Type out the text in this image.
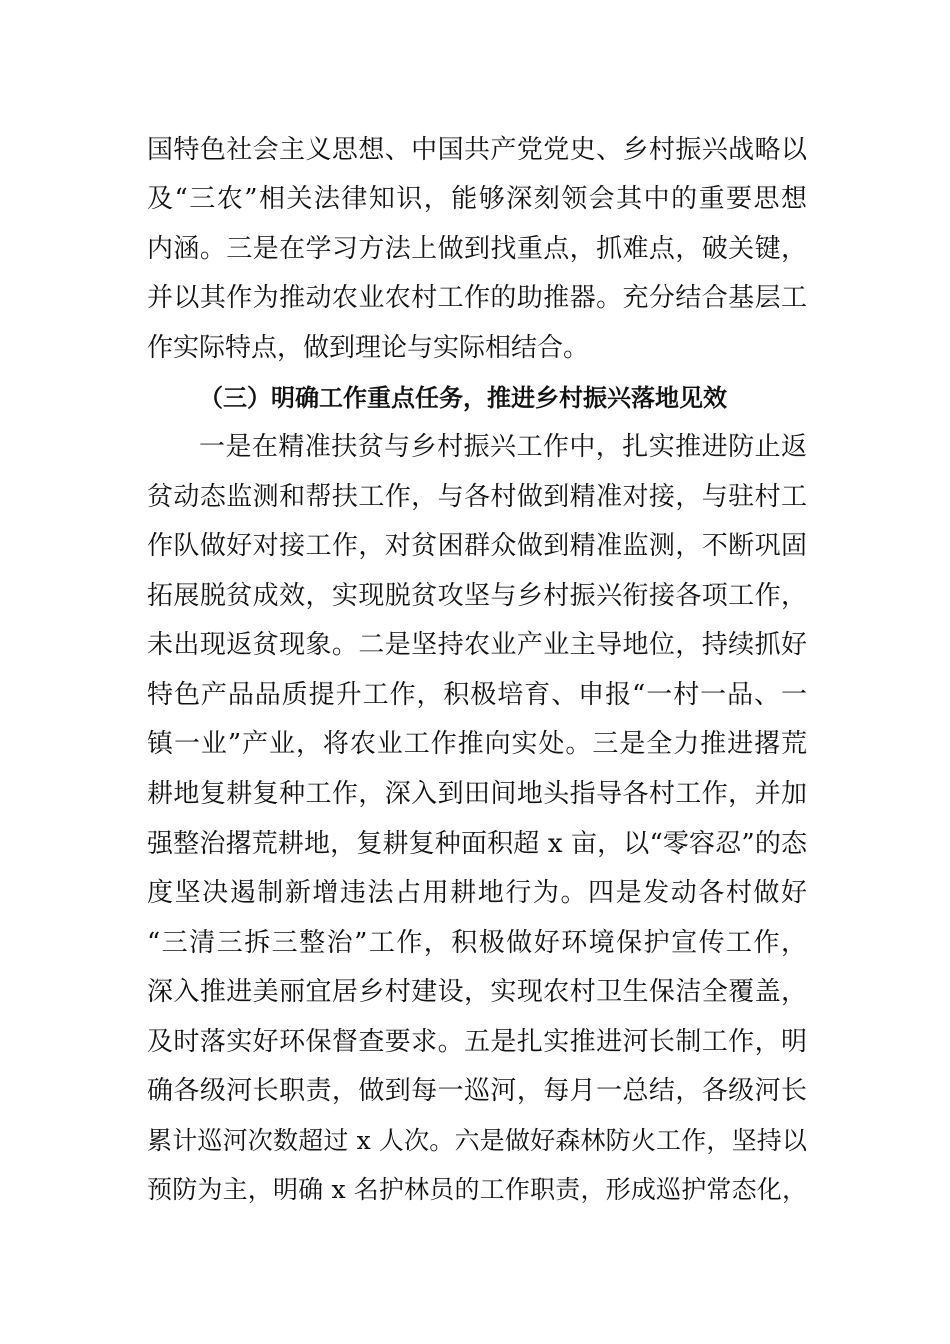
国特色社会主义思想、中国共产党党史、乡村振兴战略以
及“三农”相关法律知识，能够深刻领会其中的重要思想
内涵。三是在学习方法上做到找重点，抓难点，破关键，
并以其作为推动农业农村工作的助推器。充分结合基层工
作实际特点，做到理论与实际相结合。
（三）明确工作重点任务，推进乡村振兴落地见效
一是在精准扶贫与乡村振兴工作中，扎实推进防止返
贫动态监测和帮扶工作，与各村做到精准对接，与驻村工
作队做好对接工作，对贫困群众做到精准监测，不断巩固
拓展脱贫成效，实现脱贫攻坚与乡村振兴衔接各项工作，
未出现返贫现象。二是坚持农业产业主导地位，持续抓好
特色产品品质提升工作，积极培育、申报“一村一品、一
镇一业”产业，将农业工作推向实处。三是全力推进撂荒
耕地复耕复种工作，深入到田间地头指导各村工作，并加
强整治撂荒耕地，复耕复种面积超 x 亩，以“零容忍”的态
度坚决遏制新增违法占用耕地行为。四是发动各村做好
“三清三拆三整治”工作，积极做好环境保护宣传工作，
深入推进美丽宜居乡村建设，实现农村卫生保洁全覆盖，
及时落实好环保督查要求。五是扎实推进河长制工作，明
确各级河长职责，做到每一巡河，每月一总结，各级河长
累计巡河次数超过 x 人次。六是做好森林防火工作，坚持以
预防为主，明确 x 名护林员的工作职责，形成巡护常态化，
